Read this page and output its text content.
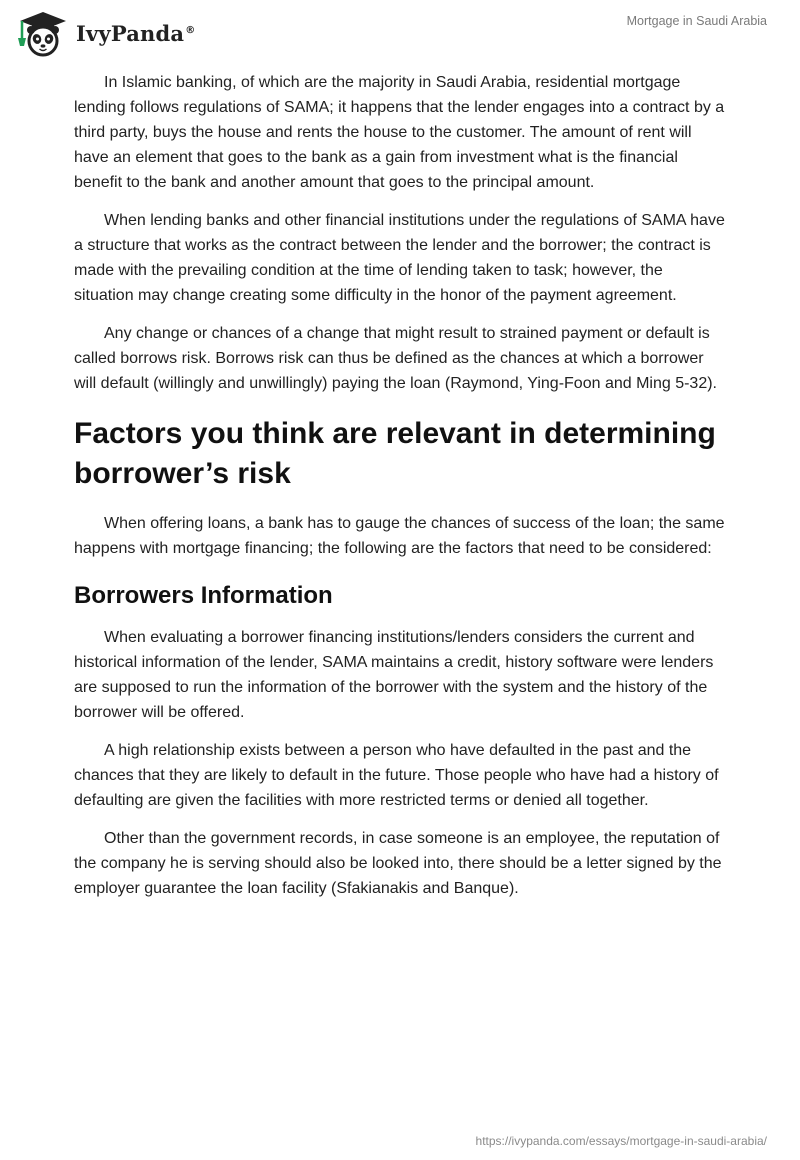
IvyPanda®
Mortgage in Saudi Arabia

In Islamic banking, of which are the majority in Saudi Arabia, residential mortgage lending follows regulations of SAMA; it happens that the lender engages into a contract by a third party, buys the house and rents the house to the customer. The amount of rent will have an element that goes to the bank as a gain from investment what is the financial benefit to the bank and another amount that goes to the principal amount.

When lending banks and other financial institutions under the regulations of SAMA have a structure that works as the contract between the lender and the borrower; the contract is made with the prevailing condition at the time of lending taken to task; however, the situation may change creating some difficulty in the honor of the payment agreement.

Any change or chances of a change that might result to strained payment or default is called borrows risk. Borrows risk can thus be defined as the chances at which a borrower will default (willingly and unwillingly) paying the loan (Raymond, Ying-Foon and Ming 5-32).

Factors you think are relevant in determining borrower’s risk

When offering loans, a bank has to gauge the chances of success of the loan; the same happens with mortgage financing; the following are the factors that need to be considered:

Borrowers Information

When evaluating a borrower financing institutions/lenders considers the current and historical information of the lender, SAMA maintains a credit, history software were lenders are supposed to run the information of the borrower with the system and the history of the borrower will be offered.

A high relationship exists between a person who have defaulted in the past and the chances that they are likely to default in the future. Those people who have had a history of defaulting are given the facilities with more restricted terms or denied all together.

Other than the government records, in case someone is an employee, the reputation of the company he is serving should also be looked into, there should be a letter signed by the employer guarantee the loan facility (Sfakianakis and Banque).

https://ivypanda.com/essays/mortgage-in-saudi-arabia/
